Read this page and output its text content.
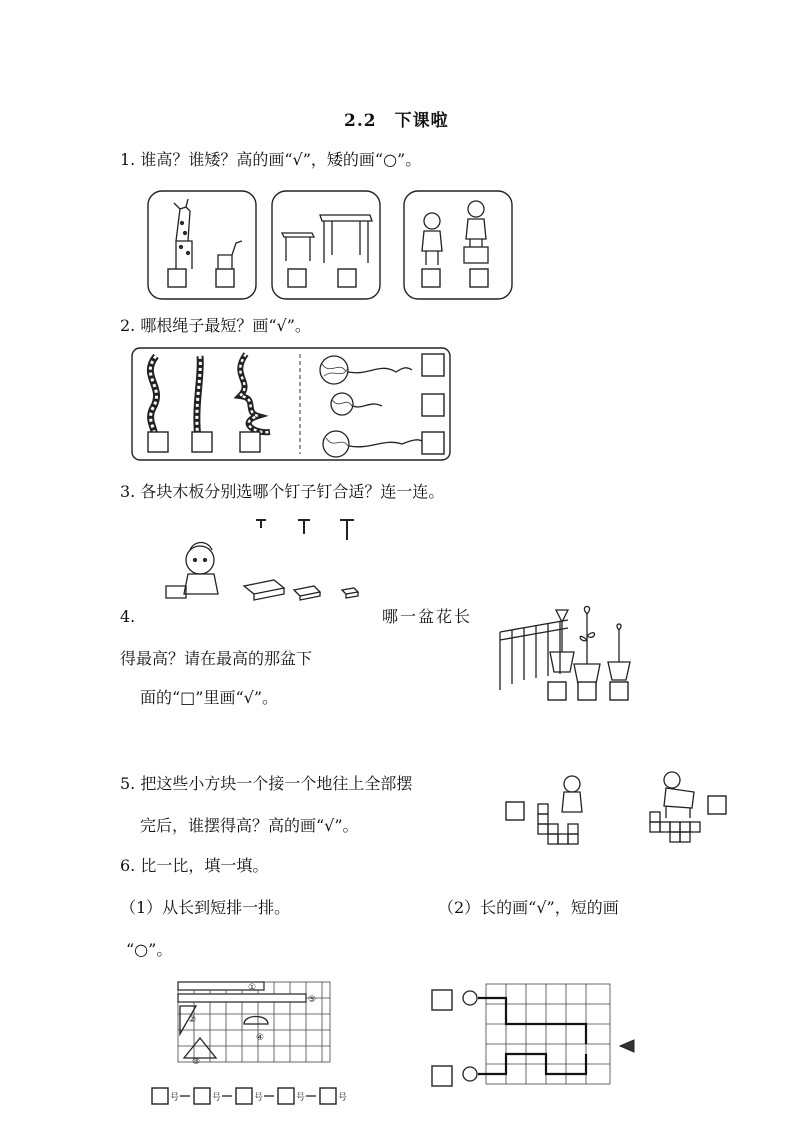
2.2　下课啦
1. 谁高？谁矮？高的画“√”，矮的画“○”。
2. 哪根绳子最短？画“√”。
3. 各块木板分别选哪个钉子钉合适？连一连。
4.	哪一盆花长
得最高？请在最高的那盆下
面的“□”里画“√”。
5. 把这些小方块一个接一个地往上全部摆
完后，谁摆得高？高的画“√”。
6. 比一比，填一填。
（1）从长到短排一排。	（2）长的画“√”，短的画
“○”。
①
⑤
②
④
③
号	号	号	号	号
